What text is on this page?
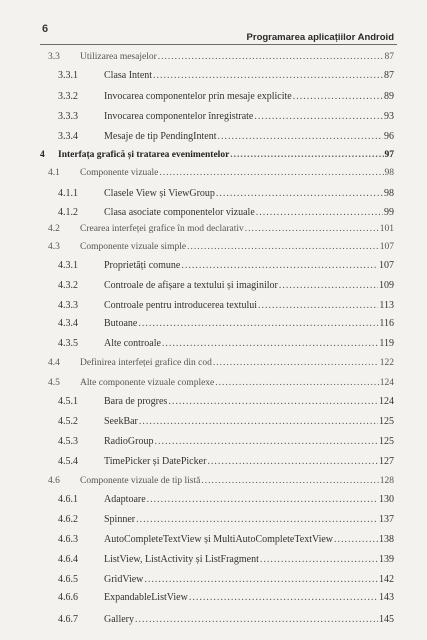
6
Programarea aplicațiilor Android
3.3	Utilizarea mesajelor .....	87
3.3.1	Clasa Intent .....	87
3.3.2	Invocarea componentelor prin mesaje explicite .....	89
3.3.3	Invocarea componentelor înregistrate .....	93
3.3.4	Mesaje de tip PendingIntent .....	96
4	Interfața grafică și tratarea evenimentelor .....	97
4.1	Componente vizuale .....	98
4.1.1	Clasele View și ViewGroup .....	98
4.1.2	Clasa asociate componentelor vizuale .....	99
4.2	Crearea interfeței grafice în mod declarativ .....	101
4.3	Componente vizuale simple .....	107
4.3.1	Proprietăți comune .....	107
4.3.2	Controale de afișare a textului și imaginilor .....	109
4.3.3	Controale pentru introducerea textului .....	113
4.3.4	Butoane .....	116
4.3.5	Alte controale .....	119
4.4	Definirea interfeței grafice din cod .....	122
4.5	Alte componente vizuale complexe .....	124
4.5.1	Bara de progres .....	124
4.5.2	SeekBar .....	125
4.5.3	RadioGroup .....	125
4.5.4	TimePicker și DatePicker .....	127
4.6	Componente vizuale de tip listă .....	128
4.6.1	Adaptoare .....	130
4.6.2	Spinner .....	137
4.6.3	AutoCompleteTextView și MultiAutoCompleteTextView .....	138
4.6.4	ListView, ListActivity și ListFragment .....	139
4.6.5	GridView .....	142
4.6.6	ExpandableListView .....	143
4.6.7	Gallery .....	145
